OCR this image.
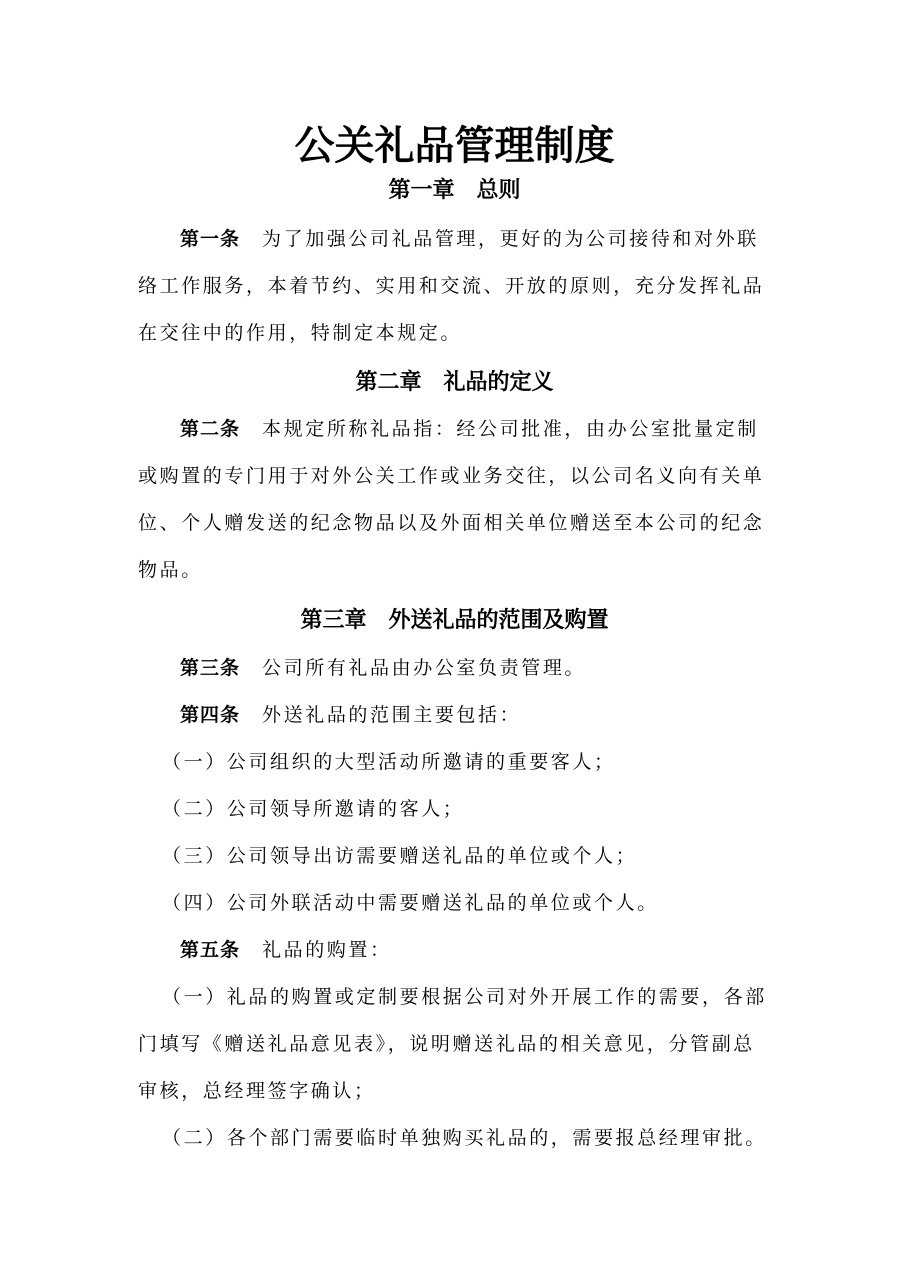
公关礼品管理制度
第一章　总则
第一条 为了加强公司礼品管理，更好的为公司接待和对外联
络工作服务，本着节约、实用和交流、开放的原则，充分发挥礼品
在交往中的作用，特制定本规定。
第二章　礼品的定义
第二条 本规定所称礼品指：经公司批准，由办公室批量定制
或购置的专门用于对外公关工作或业务交往，以公司名义向有关单
位、个人赠发送的纪念物品以及外面相关单位赠送至本公司的纪念
物品。
第三章　外送礼品的范围及购置
第三条 公司所有礼品由办公室负责管理。
第四条 外送礼品的范围主要包括：
（一）公司组织的大型活动所邀请的重要客人；
（二）公司领导所邀请的客人；
（三）公司领导出访需要赠送礼品的单位或个人；
（四）公司外联活动中需要赠送礼品的单位或个人。
第五条 礼品的购置：
（一）礼品的购置或定制要根据公司对外开展工作的需要，各部
门填写《赠送礼品意见表》，说明赠送礼品的相关意见，分管副总
审核，总经理签字确认；
（二）各个部门需要临时单独购买礼品的，需要报总经理审批。
